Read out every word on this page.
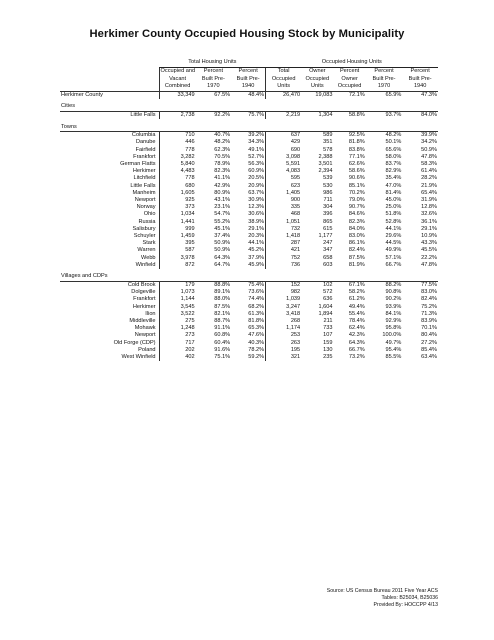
Herkimer County Occupied Housing Stock by Municipality
	Total Housing Units			Occupied Housing Units				
	Occupied and
Vacant
Combined	Percent
Built Pre-
1970	Percent
Built Pre-
1940	Total
Occupied
Units	Owner
Occupied
Units	Percent
Owner
Occupied	Percent
Built Pre-
1970	Percent
Built Pre-
1940
Herkimer County	33,349	67.5%	48.4%	26,470	19,083	72.1%	65.9%	47.3%
Cities								

Little Falls	2,738	92.2%	75.7%	2,219	1,304	58.8%	93.7%	84.0%
Towns								

Columbia	710	40.7%	39.2%	637	589	92.5%	48.2%	39.9%
Danube	446	48.2%	34.3%	429	351	81.8%	50.1%	34.2%
Fairfield	778	62.3%	49.1%	690	578	83.8%	65.6%	50.9%
Frankfort	3,282	70.5%	52.7%	3,098	2,388	77.1%	58.0%	47.8%
German Flatts	5,840	78.9%	56.3%	5,591	3,501	62.6%	83.7%	58.3%
Herkimer	4,483	82.3%	60.9%	4,083	2,394	58.6%	82.9%	61.4%
Litchfield	778	41.1%	20.5%	595	539	90.6%	35.4%	28.2%
Little Falls	680	42.9%	20.9%	623	530	85.1%	47.0%	21.9%
Manheim	1,605	80.9%	63.7%	1,405	986	70.2%	81.4%	65.4%
Newport	925	43.1%	30.9%	900	711	79.0%	45.0%	31.9%
Norway	373	23.1%	12.3%	335	304	90.7%	25.0%	12.8%
Ohio	1,034	54.7%	30.6%	468	396	84.6%	51.8%	32.6%
Russia	1,441	55.2%	38.9%	1,051	865	82.3%	52.8%	36.1%
Salisbury	999	45.1%	29.1%	732	615	84.0%	44.1%	29.1%
Schuyler	1,459	37.4%	20.3%	1,418	1,177	83.0%	29.6%	10.9%
Stark	395	50.9%	44.1%	287	247	86.1%	44.5%	43.3%
Warren	587	50.9%	45.2%	421	347	82.4%	49.9%	45.5%
Webb	3,978	64.3%	37.9%	752	658	87.5%	57.1%	22.2%
Winfield	872	64.7%	45.9%	736	603	81.9%	66.7%	47.8%
Villages and CDPs								

Cold Brook	179	88.8%	75.4%	152	102	67.1%	88.2%	77.5%
Dolgeville	1,073	89.1%	73.6%	982	572	58.2%	90.8%	83.0%
Frankfort	1,144	88.0%	74.4%	1,039	636	61.2%	90.2%	82.4%
Herkimer	3,545	87.5%	68.2%	3,247	1,604	49.4%	93.9%	75.2%
Ilion	3,522	82.1%	61.3%	3,418	1,894	55.4%	84.1%	71.3%
Middleville	275	88.7%	81.8%	268	211	78.4%	92.9%	83.9%
Mohawk	1,248	91.1%	65.3%	1,174	733	62.4%	95.8%	70.1%
Newport	273	60.8%	47.6%	253	107	42.3%	100.0%	80.4%
Old Forge (CDP)	717	60.4%	40.3%	263	159	64.3%	49.7%	27.2%
Poland	202	91.6%	78.2%	195	130	66.7%	95.4%	85.4%
West Winfield	402	75.1%	59.2%	321	235	73.2%	85.5%	63.4%
Source: US Census Bureau 2011 Five Year ACS
Tables: B25034, B25036
Provided By: HOCCPP 4/13
